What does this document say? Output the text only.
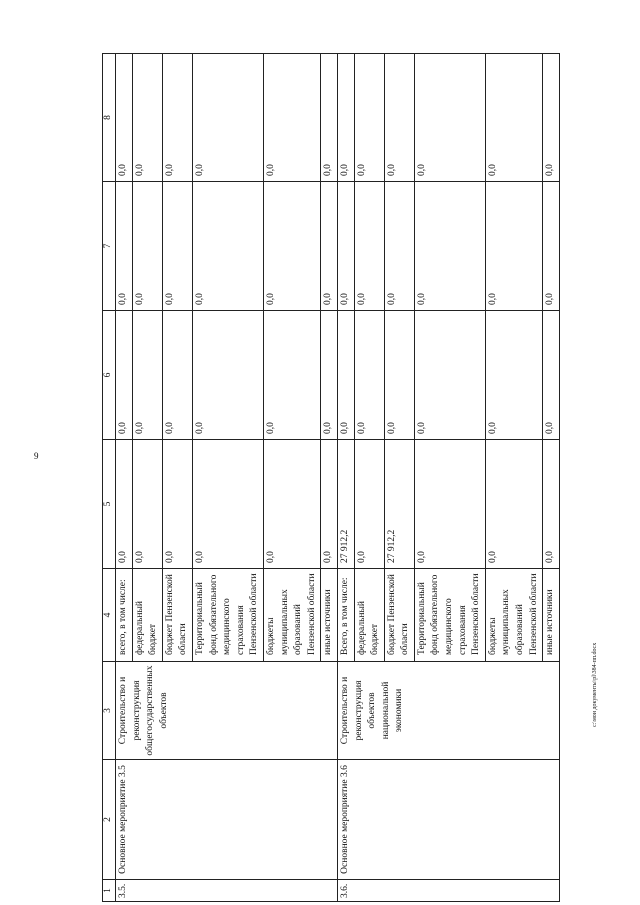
9
c:\мои документы\pl\384-пп.docx
1	2	3	4	5	6	7	8
3.5.	Основное мероприятие 3.5	Строительство и реконструкция общегосударственных объектов	всего, в том числе:	0,0	0,0	0,0	0,0
			федеральный бюджет	0,0	0,0	0,0	0,0
			бюджет Пензенской области	0,0	0,0	0,0	0,0
			Территориальный фонд обязательного медицинского страхования Пензенской области	0,0	0,0	0,0	0,0
			бюджеты муниципальных образований Пензенской области	0,0	0,0	0,0	0,0
			иные источники	0,0	0,0	0,0	0,0
3.6.	Основное мероприятие 3.6	Строительство и реконструкция объектов национальной экономики	Всего, в том числе:	27 912,2	0,0	0,0	0,0
			федеральный бюджет	0,0	0,0	0,0	0,0
			бюджет Пензенской области	27 912,2	0,0	0,0	0,0
			Территориальный фонд обязательного медицинского страхования Пензенской области	0,0	0,0	0,0	0,0
			бюджеты муниципальных образований Пензенской области	0,0	0,0	0,0	0,0
			иные источники	0,0	0,0	0,0	0,0
